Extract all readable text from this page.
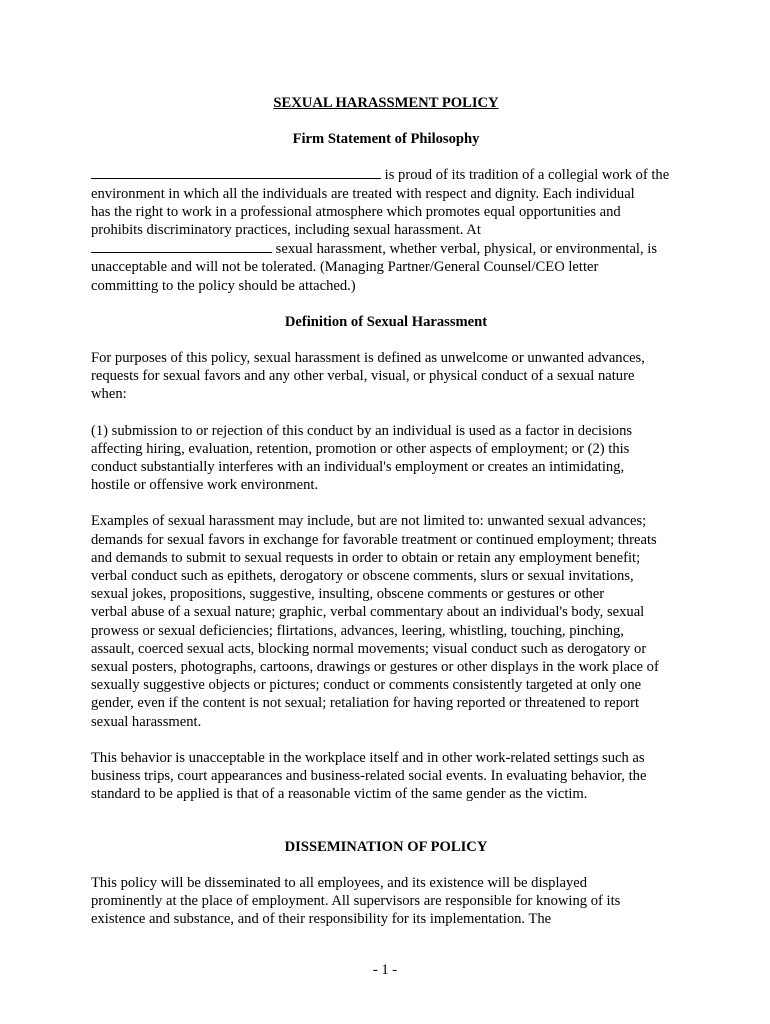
SEXUAL HARASSMENT POLICY

Firm Statement of Philosophy

is proud of its tradition of a collegial work of the
environment in which all the individuals are treated with respect and dignity. Each individual
has the right to work in a professional atmosphere which promotes equal opportunities and
prohibits discriminatory practices, including sexual harassment. At
sexual harassment, whether verbal, physical, or environmental, is
unacceptable and will not be tolerated. (Managing Partner/General Counsel/CEO letter
committing to the policy should be attached.)

Definition of Sexual Harassment

For purposes of this policy, sexual harassment is defined as unwelcome or unwanted advances,
requests for sexual favors and any other verbal, visual, or physical conduct of a sexual nature
when:
(1) submission to or rejection of this conduct by an individual is used as a factor in decisions
affecting hiring, evaluation, retention, promotion or other aspects of employment; or (2) this
conduct substantially interferes with an individual's employment or creates an intimidating,
hostile or offensive work environment.
Examples of sexual harassment may include, but are not limited to: unwanted sexual advances;
demands for sexual favors in exchange for favorable treatment or continued employment; threats
and demands to submit to sexual requests in order to obtain or retain any employment benefit;
verbal conduct such as epithets, derogatory or obscene comments, slurs or sexual invitations,
sexual jokes, propositions, suggestive, insulting, obscene comments or gestures or other
verbal abuse of a sexual nature; graphic, verbal commentary about an individual's body, sexual
prowess or sexual deficiencies; flirtations, advances, leering, whistling, touching, pinching,
assault, coerced sexual acts, blocking normal movements; visual conduct such as derogatory or
sexual posters, photographs, cartoons, drawings or gestures or other displays in the work place of
sexually suggestive objects or pictures; conduct or comments consistently targeted at only one
gender, even if the content is not sexual; retaliation for having reported or threatened to report
sexual harassment.
This behavior is unacceptable in the workplace itself and in other work-related settings such as
business trips, court appearances and business-related social events. In evaluating behavior, the
standard to be applied is that of a reasonable victim of the same gender as the victim.

DISSEMINATION OF POLICY

This policy will be disseminated to all employees, and its existence will be displayed
prominently at the place of employment. All supervisors are responsible for knowing of its
existence and substance, and of their responsibility for its implementation. The
- 1 -
